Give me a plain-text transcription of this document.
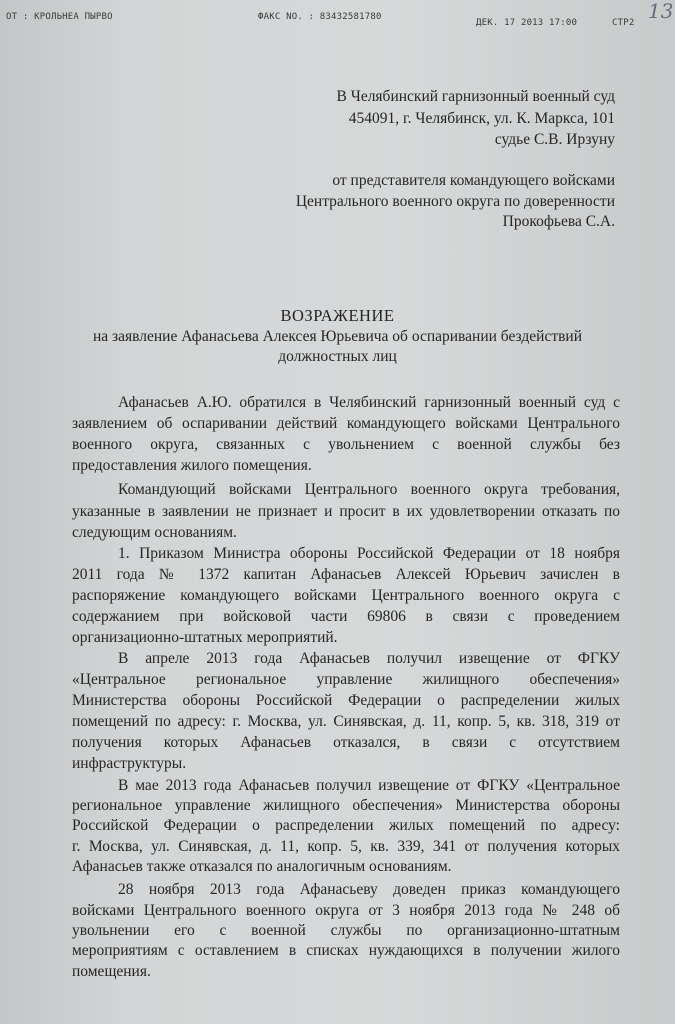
ОТ : КРОЛЬНЕА ПЫРВО	ФАКС NO. : 83432581780
ДЕК. 17 2013 17:00	СТР2 13
В Челябинский гарнизонный военный суд
454091, г. Челябинск, ул. К. Маркса, 101
судье С.В. Ирзуну
от представителя командующего войсками
Центрального военного округа по доверенности
Прокофьева С.А.
ВОЗРАЖЕНИЕ
на заявление Афанасьева Алексея Юрьевича об оспаривании бездействий
должностных лиц
Афанасьев А.Ю. обратился в Челябинский гарнизонный военный суд с
заявлением об оспаривании действий командующего войсками Центрального
военного округа, связанных с увольнением с военной службы без
предоставления жилого помещения.
Командующий войсками Центрального военного округа требования,
указанные в заявлении не признает и просит в их удовлетворении отказать по
следующим основаниям.
1. Приказом Министра обороны Российской Федерации от 18 ноября
2011 года № 1372 капитан Афанасьев Алексей Юрьевич зачислен в
распоряжение командующего войсками Центрального военного округа с
содержанием при войсковой части 69806 в связи с проведением
организационно-штатных мероприятий.
В апреле 2013 года Афанасьев получил извещение от ФГКУ
«Центральное региональное управление жилищного обеспечения»
Министерства обороны Российской Федерации о распределении жилых
помещений по адресу: г. Москва, ул. Синявская, д. 11, копр. 5, кв. 318, 319 от
получения которых Афанасьев отказался, в связи с отсутствием
инфраструктуры.
В мае 2013 года Афанасьев получил извещение от ФГКУ «Центральное
региональное управление жилищного обеспечения» Министерства обороны
Российской Федерации о распределении жилых помещений по адресу:
г. Москва, ул. Синявская, д. 11, копр. 5, кв. 339, 341 от получения которых
Афанасьев также отказался по аналогичным основаниям.
28 ноября 2013 года Афанасьеву доведен приказ командующего
войсками Центрального военного округа от 3 ноября 2013 года № 248 об
увольнении его с военной службы по организационно-штатным
мероприятиям с оставлением в списках нуждающихся в получении жилого
помещения.
